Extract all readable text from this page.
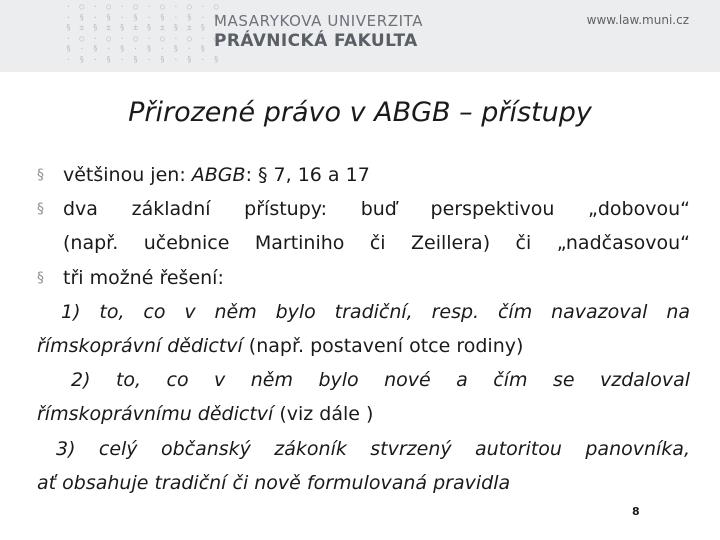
· ○ · ○ · ○ · ○ · ○ · ○
· § · § · § · § · § · §
§ ± § ± § ± § ± § ± §
· ○ · ○ · ○ · ○ · ○ · ○
§ · § · § · § · § · §
· § · § · § · § · § · §
MASARYKOVA UNIVERZITA
PRÁVNICKÁ FAKULTA
www.law.muni.cz
Přirozené právo v ABGB – přístupy
§ většinou jen: ABGB: § 7, 16 a 17
§ dva základní přístupy: buď perspektivou „dobovou“
(např. učebnice Martiniho či Zeillera) či „nadčasovou“
§ tři možné řešení:
1) to, co v něm bylo tradiční, resp. čím navazoval na
římskoprávní dědictví (např. postavení otce rodiny)
2) to, co v něm bylo nové a čím se vzdaloval
římskoprávnímu dědictví (viz dále )
3) celý občanský zákoník stvrzený autoritou panovníka,
ať obsahuje tradiční či nově formulovaná pravidla
8
